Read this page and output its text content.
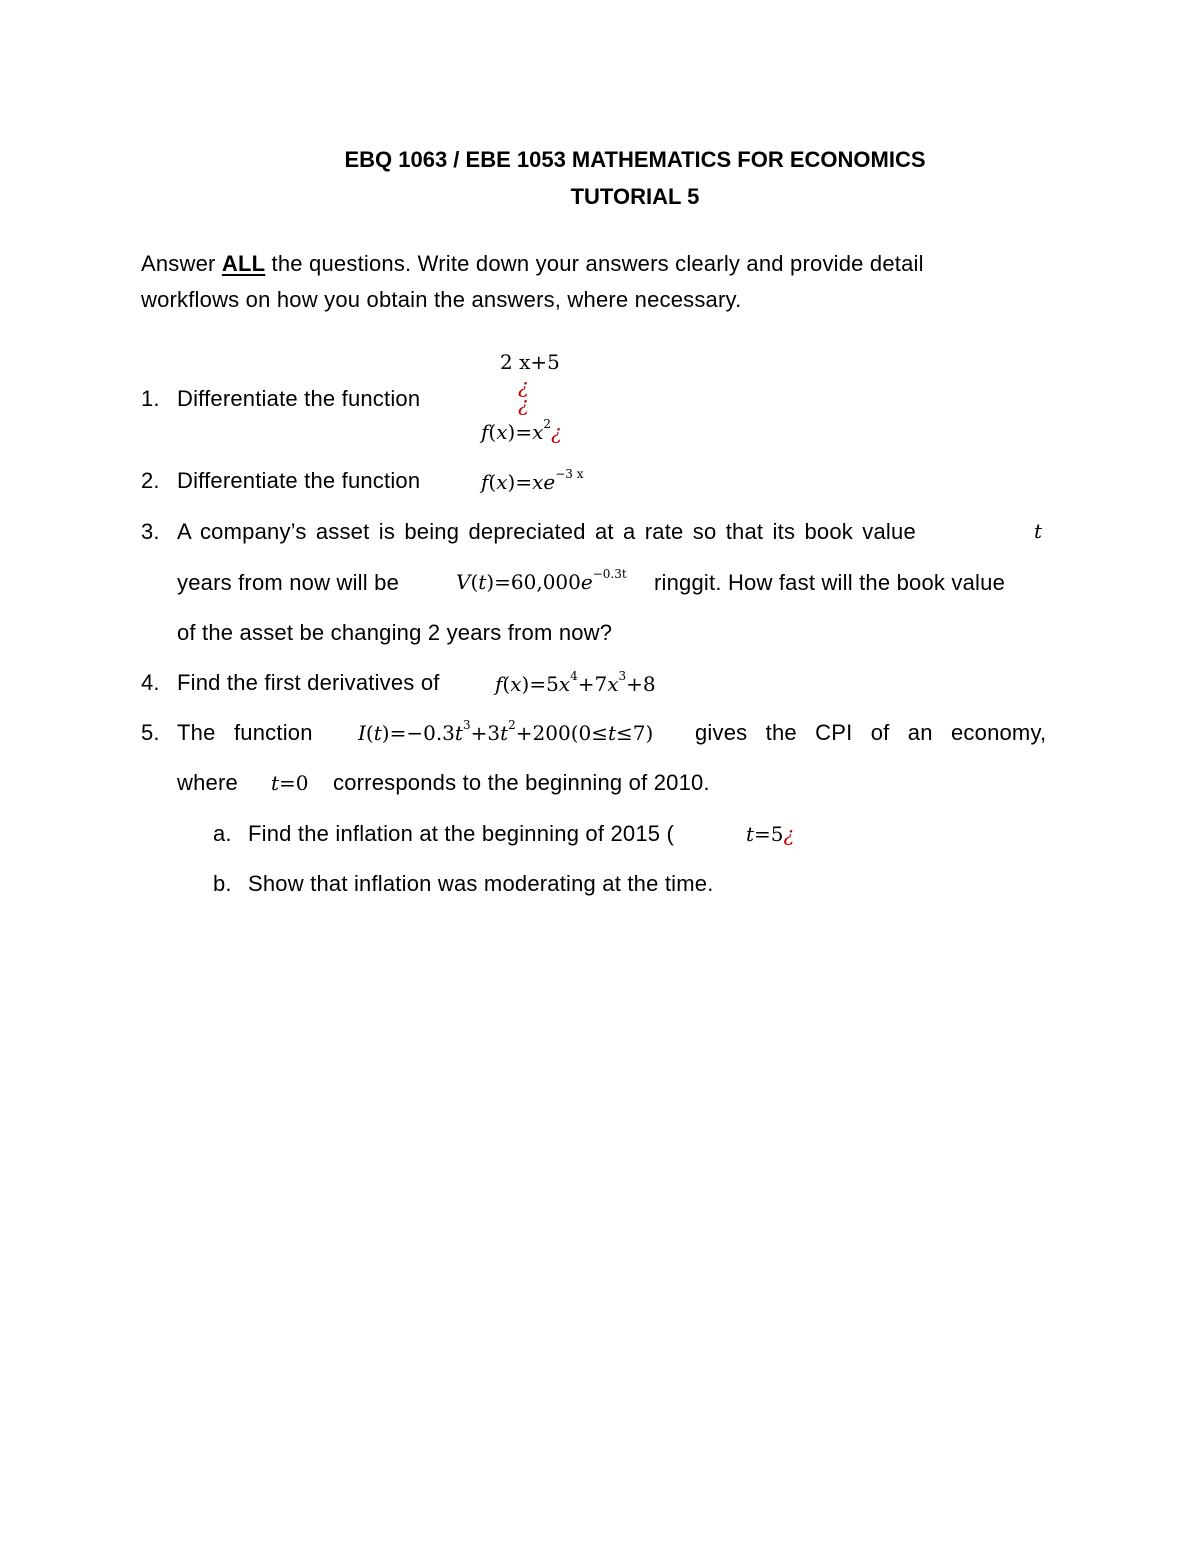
EBQ 1063 / EBE 1053 MATHEMATICS FOR ECONOMICS
TUTORIAL 5
Answer ALL the questions. Write down your answers clearly and provide detail
workflows on how you obtain the answers, where necessary.
2 x+5
¿
¿
1. Differentiate the function
$f(x)=x^2¿$
2. Differentiate the function	$f(x)=xe^{-3 x}$
3. A company’s asset is being depreciated at a rate so that its book value	t
years from now will be	$V(t)=60,000e^{-0.3t}$ ringgit. How fast will the book value
of the asset be changing 2 years from now?
4. Find the first derivatives of	$f(x)=5x^4+7x^3+8$
5. The function $I(t)=-0.3t^3+3t^2+200(0\le t\le 7)$ gives the CPI of an economy,
where t=0 corresponds to the beginning of 2010.
a. Find the inflation at the beginning of 2015 (	t=5¿
b. Show that inflation was moderating at the time.
